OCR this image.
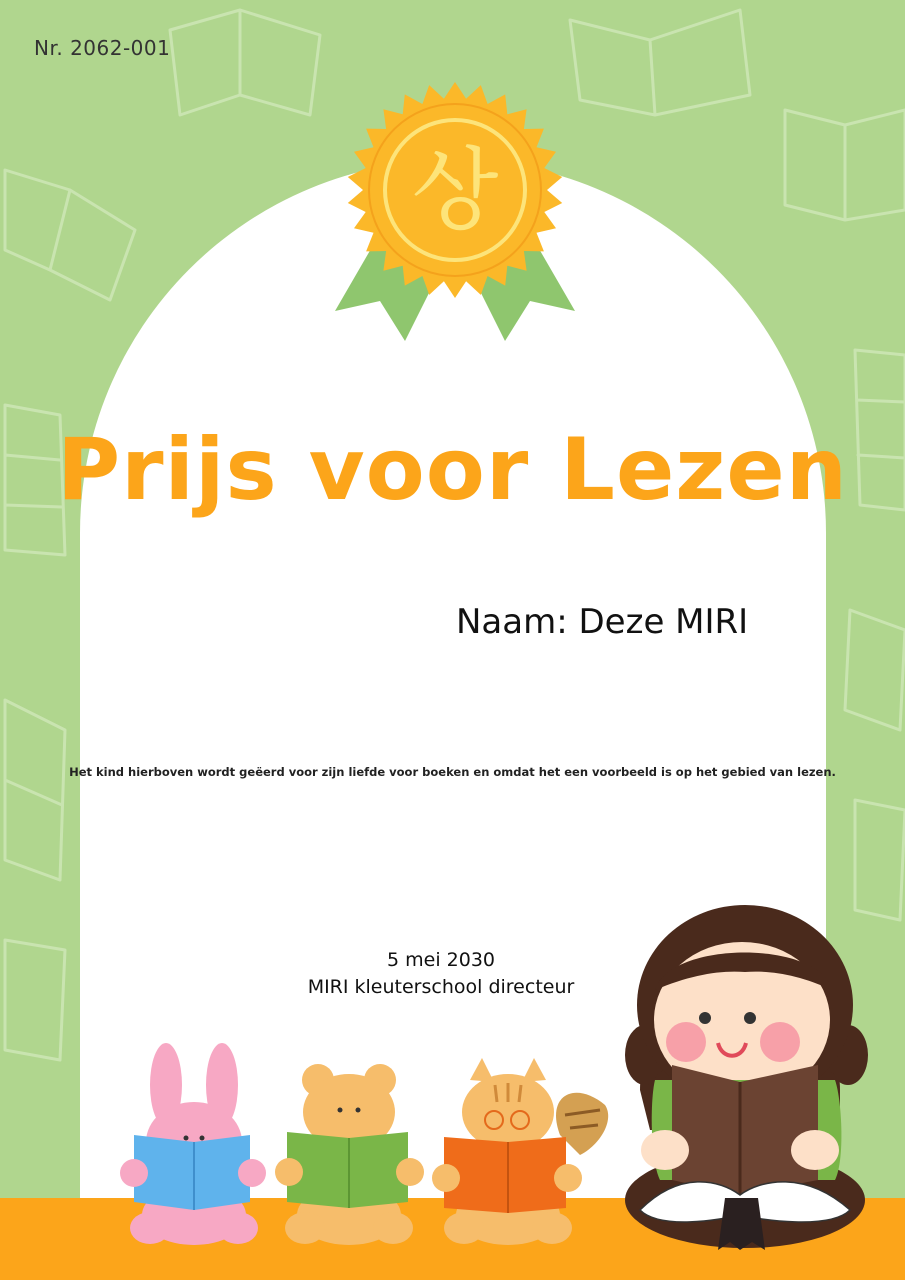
Nr. 2062-001
상
Prijs voor Lezen
Naam: Deze MIRI
Het kind hierboven wordt geëerd voor zijn liefde voor boeken en omdat het een voorbeeld is op het gebied van lezen.
5 mei 2030
MIRI kleuterschool directeur
